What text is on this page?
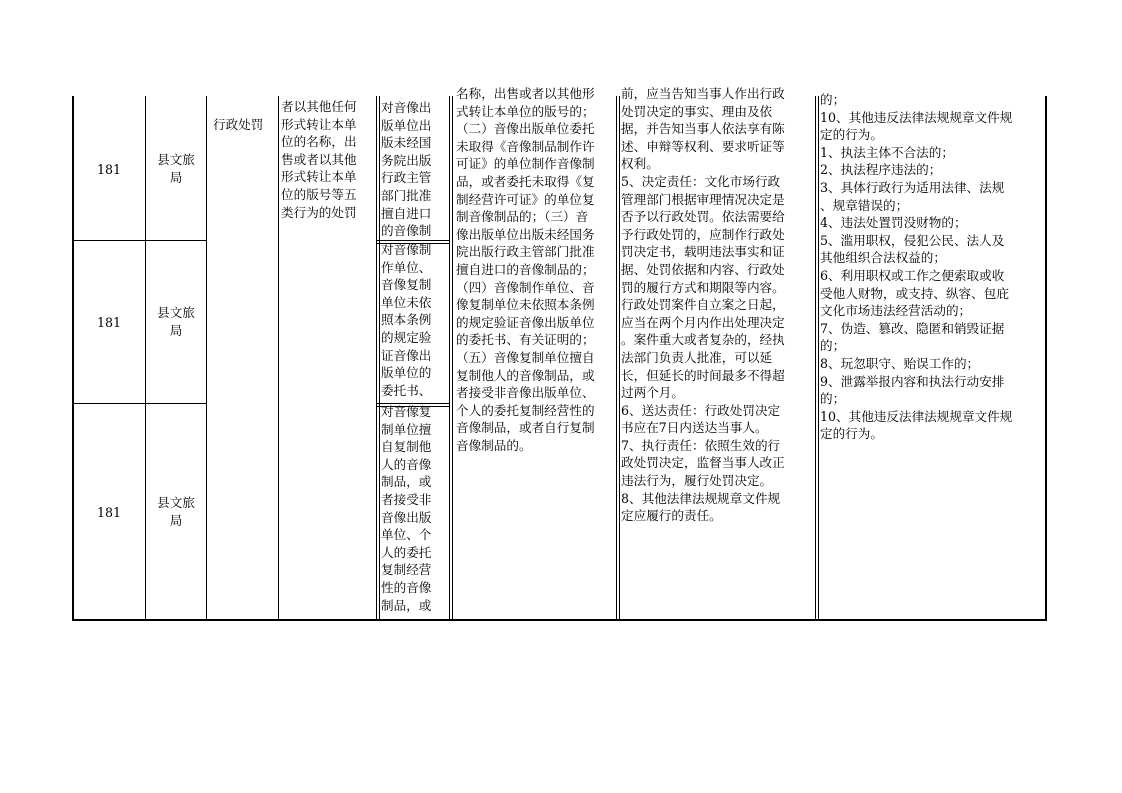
181
181
181
县文旅
局
县文旅
局
县文旅
局
行政处罚
者以其他任何
形式转让本单
位的名称，出
售或者以其他
形式转让本单
位的版号等五
类行为的处罚
对音像出
版单位出
版未经国
务院出版
行政主管
部门批准
擅自进口
的音像制
对音像制
作单位、
音像复制
单位未依
照本条例
的规定验
证音像出
版单位的
委托书、
对音像复
制单位擅
自复制他
人的音像
制品，或
者接受非
音像出版
单位、个
人的委托
复制经营
性的音像
制品，或
名称，出售或者以其他形
式转让本单位的版号的；
（二）音像出版单位委托
未取得《音像制品制作许
可证》的单位制作音像制
品，或者委托未取得《复
制经营许可证》的单位复
制音像制品的；（三）音
像出版单位出版未经国务
院出版行政主管部门批准
擅自进口的音像制品的；
（四）音像制作单位、音
像复制单位未依照本条例
的规定验证音像出版单位
的委托书、有关证明的；
（五）音像复制单位擅自
复制他人的音像制品，或
者接受非音像出版单位、
个人的委托复制经营性的
音像制品，或者自行复制
音像制品的。
前，应当告知当事人作出行政
处罚决定的事实、理由及依
据，并告知当事人依法享有陈
述、申辩等权利、要求听证等
权利。
5、决定责任：文化市场行政
管理部门根据审理情况决定是
否予以行政处罚。依法需要给
予行政处罚的，应制作行政处
罚决定书，载明违法事实和证
据、处罚依据和内容、行政处
罚的履行方式和期限等内容。
行政处罚案件自立案之日起，
应当在两个月内作出处理决定
。案件重大或者复杂的，经执
法部门负责人批准，可以延
长，但延长的时间最多不得超
过两个月。
6、送达责任：行政处罚决定
书应在7日内送达当事人。
7、执行责任：依照生效的行
政处罚决定，监督当事人改正
违法行为，履行处罚决定。
8、其他法律法规规章文件规
定应履行的责任。
的；
10、其他违反法律法规规章文件规
定的行为。
1、执法主体不合法的；
2、执法程序违法的；
3、具体行政行为适用法律、法规
、规章错误的；
4、违法处置罚没财物的；
5、滥用职权，侵犯公民、法人及
其他组织合法权益的；
6、利用职权或工作之便索取或收
受他人财物，或支持、纵容、包庇
文化市场违法经营活动的；
7、伪造、篡改、隐匿和销毁证据
的；
8、玩忽职守、贻误工作的；
9、泄露举报内容和执法行动安排
的；
10、其他违反法律法规规章文件规
定的行为。
